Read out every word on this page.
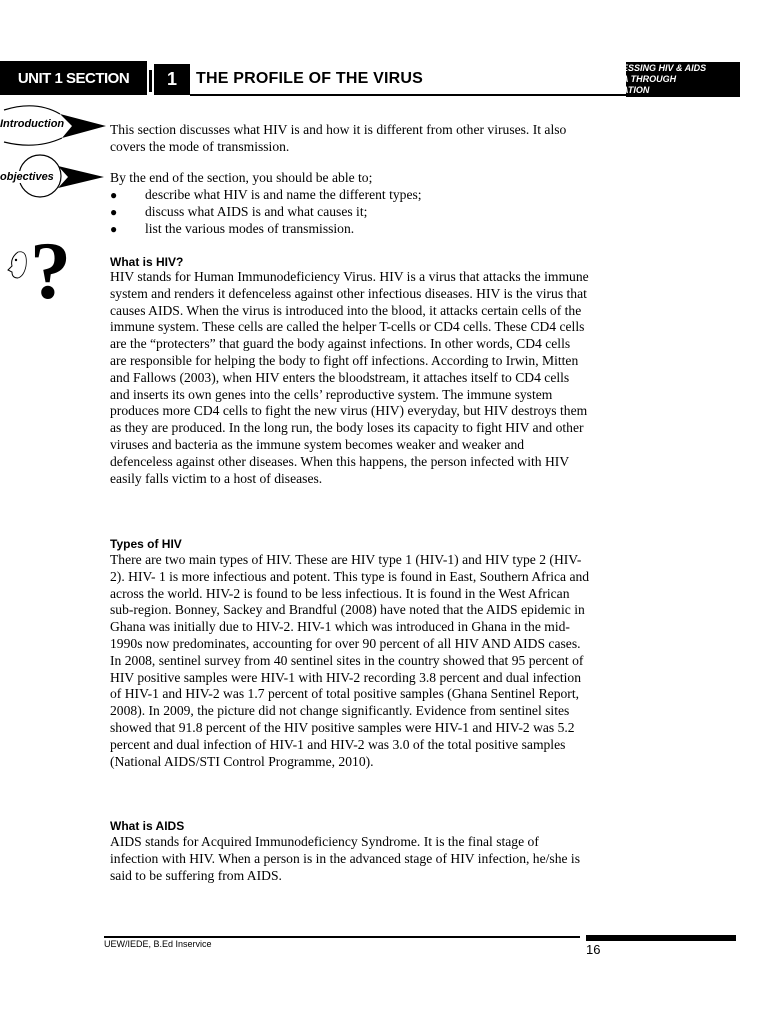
UNIT 1 SECTION 1 THE PROFILE OF THE VIRUS
ESSING HIV & AIDS
A THROUGH
ATION
Introduction
objectives
?
This section discusses what HIV is and how it is different from other viruses. It also covers the mode of transmission.
By the end of the section, you should be able to;
● describe what HIV is and name the different types;
● discuss what AIDS is and what causes it;
● list the various modes of transmission.
What is HIV?
HIV stands for Human Immunodeficiency Virus. HIV is a virus that attacks the immune system and renders it defenceless against other infectious diseases. HIV is the virus that causes AIDS. When the virus is introduced into the blood, it attacks certain cells of the immune system. These cells are called the helper T-cells or CD4 cells. These CD4 cells are the “protecters” that guard the body against infections. In other words, CD4 cells are responsible for helping the body to fight off infections. According to Irwin, Mitten and Fallows (2003), when HIV enters the bloodstream, it attaches itself to CD4 cells and inserts its own genes into the cells’ reproductive system. The immune system produces more CD4 cells to fight the new virus (HIV) everyday, but HIV destroys them as they are produced. In the long run, the body loses its capacity to fight HIV and other viruses and bacteria as the immune system becomes weaker and weaker and defenceless against other diseases. When this happens, the person infected with HIV easily falls victim to a host of diseases.
Types of HIV
There are two main types of HIV. These are HIV type 1 (HIV-1) and HIV type 2 (HIV-2). HIV- 1 is more infectious and potent. This type is found in East, Southern Africa and across the world. HIV-2 is found to be less infectious. It is found in the West African sub-region. Bonney, Sackey and Brandful (2008) have noted that the AIDS epidemic in Ghana was initially due to HIV-2. HIV-1 which was introduced in Ghana in the mid-1990s now predominates, accounting for over 90 percent of all HIV AND AIDS cases. In 2008, sentinel survey from 40 sentinel sites in the country showed that 95 percent of HIV positive samples were HIV-1 with HIV-2 recording 3.8 percent and dual infection of HIV-1 and HIV-2 was 1.7 percent of total positive samples (Ghana Sentinel Report, 2008). In 2009, the picture did not change significantly. Evidence from sentinel sites showed that 91.8 percent of the HIV positive samples were HIV-1 and HIV-2 was 5.2 percent and dual infection of HIV-1 and HIV-2 was 3.0 of the total positive samples (National AIDS/STI Control Programme, 2010).
What is AIDS
AIDS stands for Acquired Immunodeficiency Syndrome. It is the final stage of infection with HIV. When a person is in the advanced stage of HIV infection, he/she is said to be suffering from AIDS.
UEW/IEDE, B.Ed Inservice	16
